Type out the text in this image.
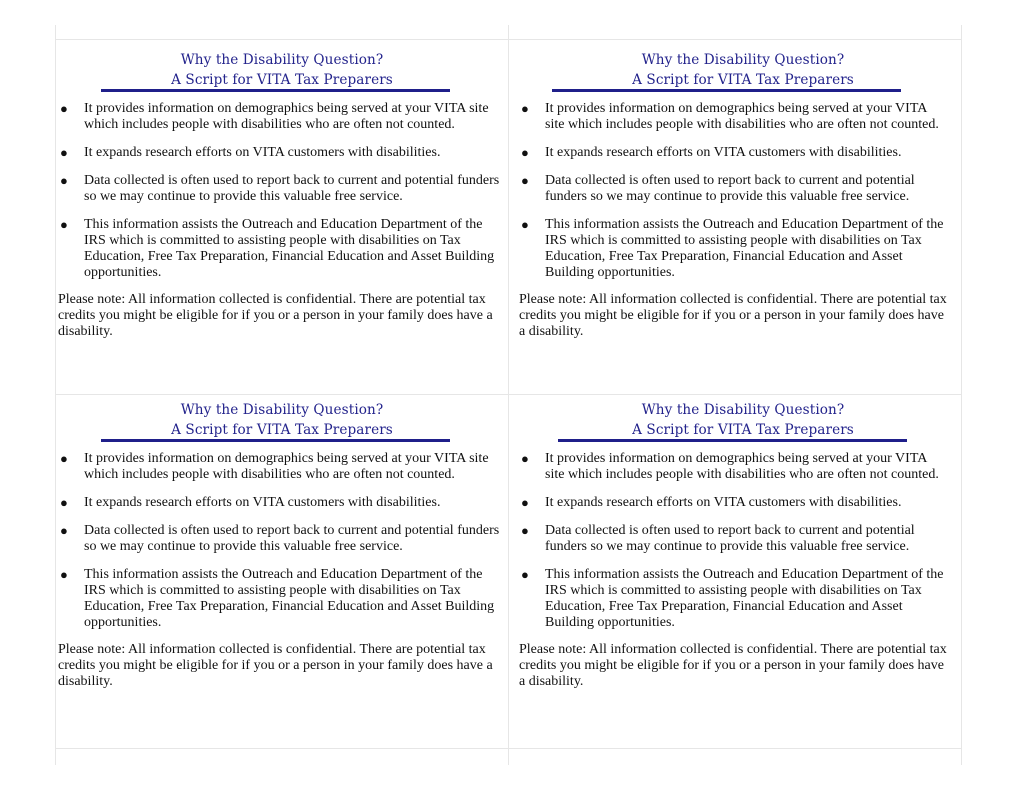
Why the Disability Question?
A Script for VITA Tax Preparers
● It provides information on demographics being served at your VITA site which includes people with disabilities who are often not counted.
● It expands research efforts on VITA customers with disabilities.
● Data collected is often used to report back to current and potential funders so we may continue to provide this valuable free service.
● This information assists the Outreach and Education Department of the IRS which is committed to assisting people with disabilities on Tax Education, Free Tax Preparation, Financial Education and Asset Building opportunities.
Please note: All information collected is confidential. There are potential tax credits you might be eligible for if you or a person in your family does have a disability.
Why the Disability Question?
A Script for VITA Tax Preparers
● It provides information on demographics being served at your VITA site which includes people with disabilities who are often not counted.
● It expands research efforts on VITA customers with disabilities.
● Data collected is often used to report back to current and potential funders so we may continue to provide this valuable free service.
● This information assists the Outreach and Education Department of the IRS which is committed to assisting people with disabilities on Tax Education, Free Tax Preparation, Financial Education and Asset Building opportunities.
Please note: All information collected is confidential. There are potential tax credits you might be eligible for if you or a person in your family does have a disability.
Why the Disability Question?
A Script for VITA Tax Preparers
● It provides information on demographics being served at your VITA site which includes people with disabilities who are often not counted.
● It expands research efforts on VITA customers with disabilities.
● Data collected is often used to report back to current and potential funders so we may continue to provide this valuable free service.
● This information assists the Outreach and Education Department of the IRS which is committed to assisting people with disabilities on Tax Education, Free Tax Preparation, Financial Education and Asset Building opportunities.
Please note: All information collected is confidential. There are potential tax credits you might be eligible for if you or a person in your family does have a disability.
Why the Disability Question?
A Script for VITA Tax Preparers
● It provides information on demographics being served at your VITA site which includes people with disabilities who are often not counted.
● It expands research efforts on VITA customers with disabilities.
● Data collected is often used to report back to current and potential funders so we may continue to provide this valuable free service.
● This information assists the Outreach and Education Department of the IRS which is committed to assisting people with disabilities on Tax Education, Free Tax Preparation, Financial Education and Asset Building opportunities.
Please note: All information collected is confidential. There are potential tax credits you might be eligible for if you or a person in your family does have a disability.
